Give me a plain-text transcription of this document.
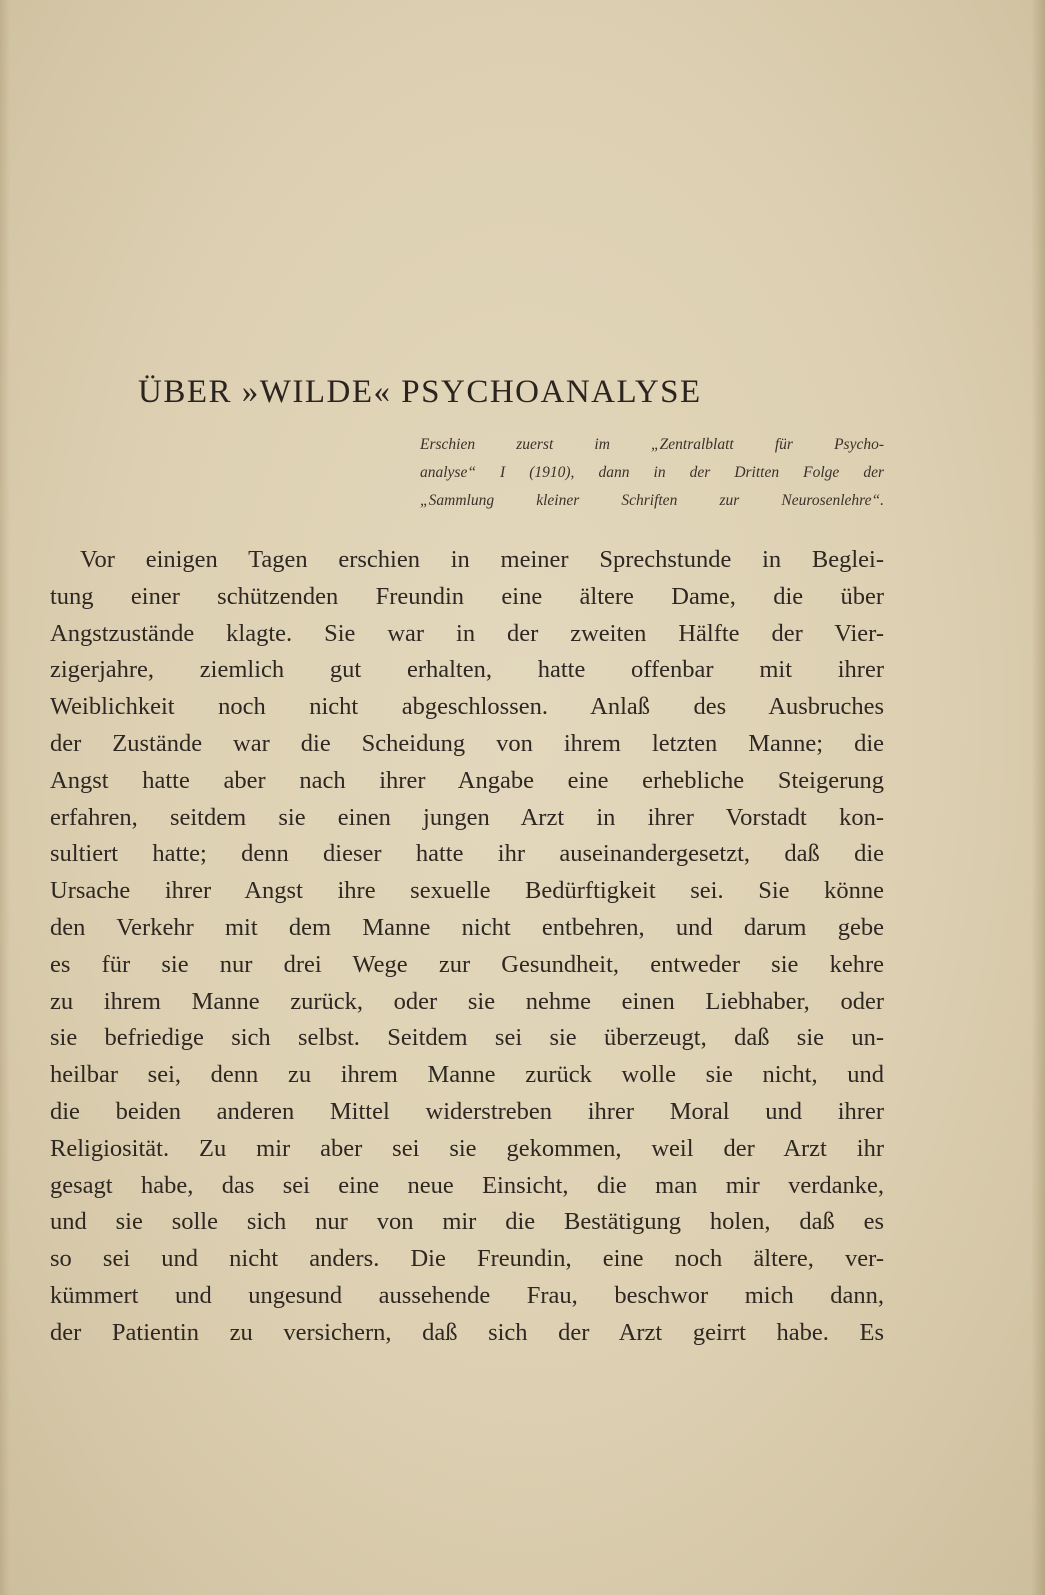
ÜBER »WILDE« PSYCHOANALYSE
Erschien zuerst im „Zentralblatt für Psycho-
analyse“ I (1910), dann in der Dritten Folge der
„Sammlung kleiner Schriften zur Neurosenlehre“.
Vor einigen Tagen erschien in meiner Sprechstunde in Beglei-
tung einer schützenden Freundin eine ältere Dame, die über
Angstzustände klagte. Sie war in der zweiten Hälfte der Vier-
zigerjahre, ziemlich gut erhalten, hatte offenbar mit ihrer
Weiblichkeit noch nicht abgeschlossen. Anlaß des Ausbruches
der Zustände war die Scheidung von ihrem letzten Manne; die
Angst hatte aber nach ihrer Angabe eine erhebliche Steigerung
erfahren, seitdem sie einen jungen Arzt in ihrer Vorstadt kon-
sultiert hatte; denn dieser hatte ihr auseinandergesetzt, daß die
Ursache ihrer Angst ihre sexuelle Bedürftigkeit sei. Sie könne
den Verkehr mit dem Manne nicht entbehren, und darum gebe
es für sie nur drei Wege zur Gesundheit, entweder sie kehre
zu ihrem Manne zurück, oder sie nehme einen Liebhaber, oder
sie befriedige sich selbst. Seitdem sei sie überzeugt, daß sie un-
heilbar sei, denn zu ihrem Manne zurück wolle sie nicht, und
die beiden anderen Mittel widerstreben ihrer Moral und ihrer
Religiosität. Zu mir aber sei sie gekommen, weil der Arzt ihr
gesagt habe, das sei eine neue Einsicht, die man mir verdanke,
und sie solle sich nur von mir die Bestätigung holen, daß es
so sei und nicht anders. Die Freundin, eine noch ältere, ver-
kümmert und ungesund aussehende Frau, beschwor mich dann,
der Patientin zu versichern, daß sich der Arzt geirrt habe. Es
